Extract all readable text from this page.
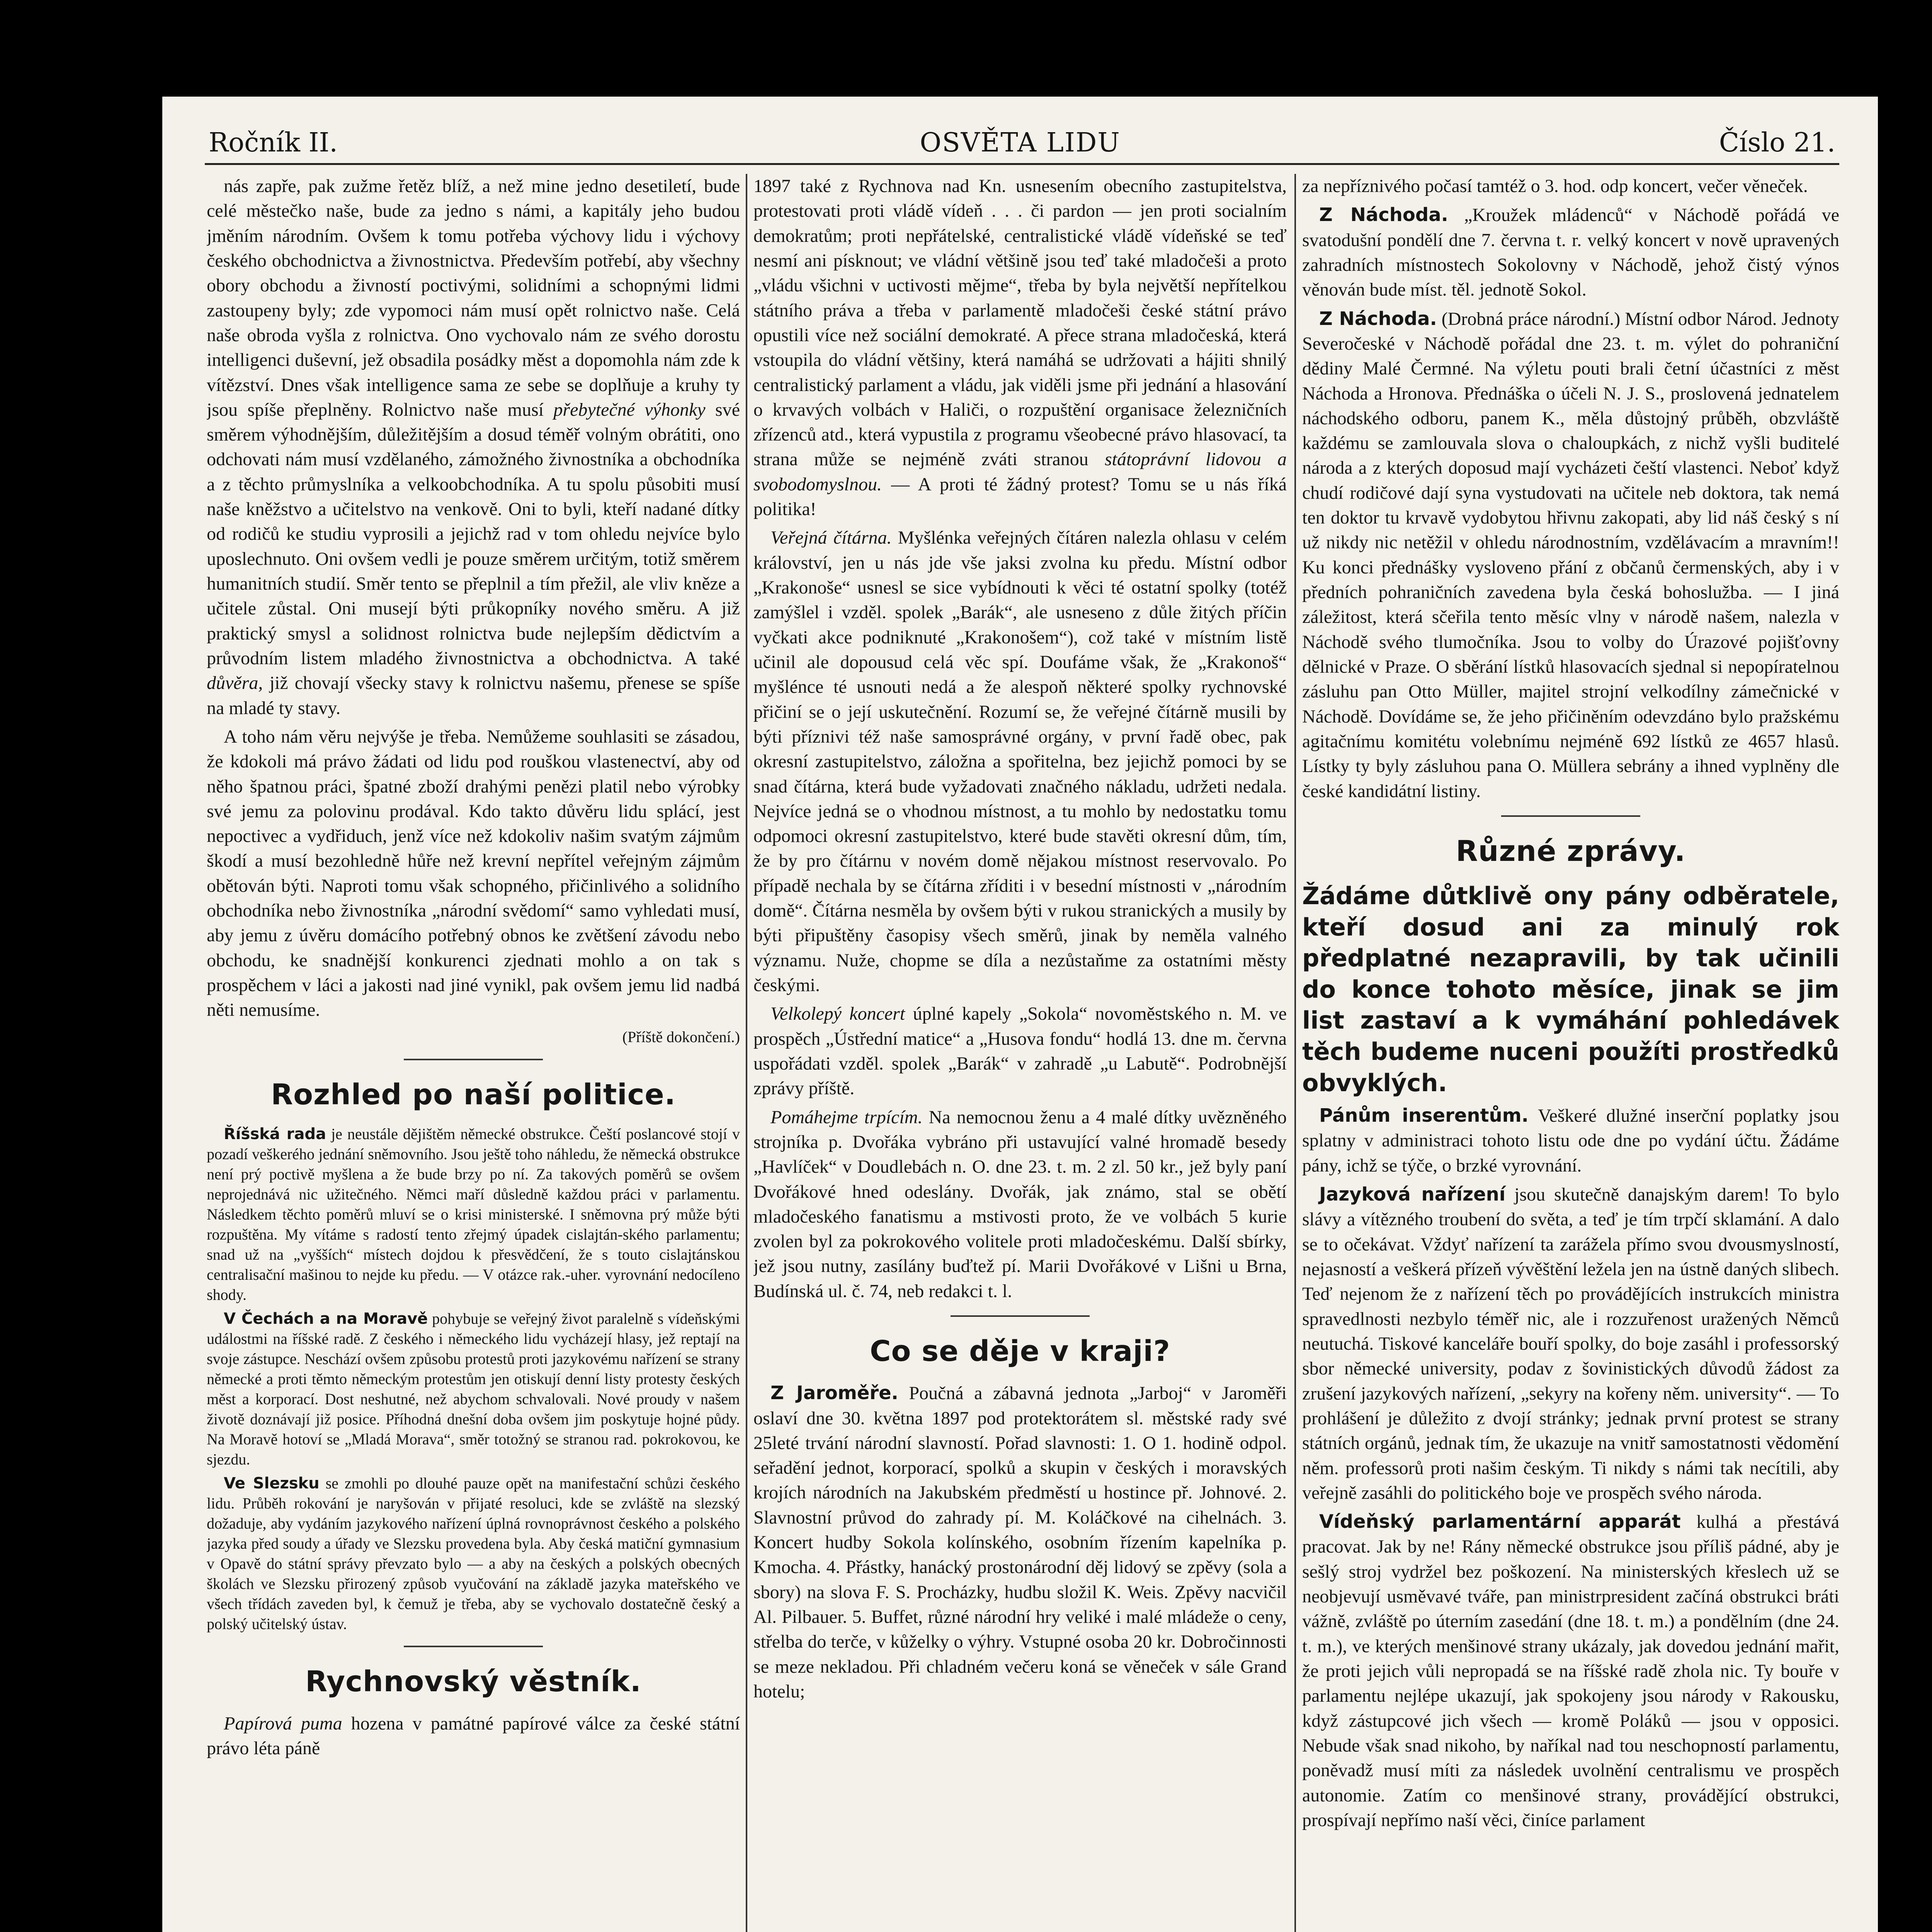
Ročník II.	OSVĚTA LIDU	Číslo 21.

nás zapře, pak zužme řetěz blíž, a než mine jedno desetiletí, bude celé městečko naše, bude za jedno s námi, a kapitály jeho budou jměním národním. Ovšem k tomu potřeba výchovy lidu i výchovy českého obchodnictva a živnostnictva. Především potřebí, aby všechny obory obchodu a živností poctivými, solidními a schopnými lidmi zastoupeny byly; zde vypomoci nám musí opět rolnictvo naše. Celá naše obroda vyšla z rolnictva. Ono vychovalo nám ze svého dorostu intelligenci duševní, jež obsadila posádky měst a dopomohla nám zde k vítězství. Dnes však intelligence sama ze sebe se doplňuje a kruhy ty jsou spíše přeplněny. Rolnictvo naše musí přebytečné výhonky své směrem výhodnějším, důležitějším a dosud téměř volným obrátiti, ono odchovati nám musí vzdělaného, zámožného živnostníka a obchodníka a z těchto průmyslníka a velkoobchodníka. A tu spolu působiti musí naše kněžstvo a učitelstvo na venkově. Oni to byli, kteří nadané dítky od rodičů ke studiu vyprosili a jejichž rad v tom ohledu nejvíce bylo uposlechnuto. Oni ovšem vedli je pouze směrem určitým, totiž směrem humanitních studií. Směr tento se přeplnil a tím přežil, ale vliv kněze a učitele zůstal. Oni musejí býti průkopníky nového směru. A již praktický smysl a solidnost rolnictva bude nejlepším dědictvím a průvodním listem mladého živnostnictva a obchodnictva. A také důvěra, již chovají všecky stavy k rolnictvu našemu, přenese se spíše na mladé ty stavy.

A toho nám věru nejvýše je třeba. Nemůžeme souhlasiti se zásadou, že kdokoli má právo žádati od lidu pod rouškou vlastenectví, aby od něho špatnou práci, špatné zboží drahými penězi platil nebo výrobky své jemu za polovinu prodával. Kdo takto důvěru lidu splácí, jest nepoctivec a vydřiduch, jenž více než kdokoliv našim svatým zájmům škodí a musí bezohledně hůře než krevní nepřítel veřejným zájmům obětován býti. Naproti tomu však schopného, přičinlivého a solidního obchodníka nebo živnostníka „národní svědomí“ samo vyhledati musí, aby jemu z úvěru domácího potřebný obnos ke zvětšení závodu nebo obchodu, ke snadnější konkurenci zjednati mohlo a on tak s prospěchem v láci a jakosti nad jiné vynikl, pak ovšem jemu lid nadbá něti nemusíme.

(Příště dokončení.)
Rozhled po naší politice.

Říšská rada je neustále dějištěm německé obstrukce. Čeští poslancové stojí v pozadí veškerého jednání sněmovního. Jsou ještě toho náhledu, že německá obstrukce není prý poctivě myšlena a že bude brzy po ní. Za takových poměrů se ovšem neprojednává nic užitečného. Němci maří důsledně každou práci v parlamentu. Následkem těchto poměrů mluví se o krisi ministerské. I sněmovna prý může býti rozpuštěna. My vítáme s radostí tento zřejmý úpadek cislajtán-ského parlamentu; snad už na „vyšších“ místech dojdou k přesvědčení, že s touto cislajtánskou centralisační mašinou to nejde ku předu. — V otázce rak.-uher. vyrovnání nedocíleno shody.

V Čechách a na Moravě pohybuje se veřejný život paralelně s vídeňskými událostmi na říšské radě. Z českého i německého lidu vycházejí hlasy, jež reptají na svoje zástupce. Neschází ovšem způsobu protestů proti jazykovému nařízení se strany německé a proti těmto německým protestům jen otiskují denní listy protesty českých měst a korporací. Dost neshutné, než abychom schvalovali. Nové proudy v našem životě doznávají již posice. Příhodná dnešní doba ovšem jim poskytuje hojné půdy. Na Moravě hotoví se „Mladá Morava“, směr totožný se stranou rad. pokrokovou, ke sjezdu.

Ve Slezsku se zmohli po dlouhé pauze opět na manifestační schůzi českého lidu. Průběh rokování je naryšován v přijaté resoluci, kde se zvláště na slezský dožaduje, aby vydáním jazykového nařízení úplná rovnoprávnost českého a polského jazyka před soudy a úřady ve Slezsku provedena byla. Aby česká matiční gymnasium v Opavě do státní správy převzato bylo — a aby na českých a polských obecných školách ve Slezsku přirozený způsob vyučování na základě jazyka mateřského ve všech třídách zaveden byl, k čemuž je třeba, aby se vychovalo dostatečně český a polský učitelský ústav.

Rychnovský věstník.

Papírová puma hozena v památné papírové válce za české státní právo léta páně

1897 také z Rychnova nad Kn. usnesením obecního zastupitelstva, protestovati proti vládě vídeň . . . či pardon — jen proti socialním demokratům; proti nepřátelské, centralistické vládě vídeňské se teď nesmí ani písknout; ve vládní většině jsou teď také mladočeši a proto „vládu všichni v uctivosti mějme“, třeba by byla největší nepřítelkou státního práva a třeba v parlamentě mladočeši české státní právo opustili více než sociální demokraté. A přece strana mladočeská, která vstoupila do vládní většiny, která namáhá se udržovati a hájiti shnilý centralistický parlament a vládu, jak viděli jsme při jednání a hlasování o krvavých volbách v Haliči, o rozpuštění organisace železničních zřízenců atd., která vypustila z programu všeobecné právo hlasovací, ta strana může se nejméně zváti stranou státoprávní lidovou a svobodomyslnou. — A proti té žádný protest? Tomu se u nás říká politika!

Veřejná čítárna. Myšlénka veřejných čítáren nalezla ohlasu v celém království, jen u nás jde vše jaksi zvolna ku předu. Místní odbor „Krakonoše“ usnesl se sice vybídnouti k věci té ostatní spolky (totéž zamýšlel i vzděl. spolek „Barák“, ale usneseno z důle žitých příčin vyčkati akce podniknuté „Krakonošem“), což také v místním listě učinil ale dopousud celá věc spí. Doufáme však, že „Krakonoš“ myšlénce té usnouti nedá a že alespoň některé spolky rychnovské přičiní se o její uskutečnění. Rozumí se, že veřejné čítárně musili by býti příznivi též naše samosprávné orgány, v první řadě obec, pak okresní zastupitelstvo, záložna a spořitelna, bez jejichž pomoci by se snad čítárna, která bude vyžadovati značného nákladu, udržeti nedala. Nejvíce jedná se o vhodnou místnost, a tu mohlo by nedostatku tomu odpomoci okresní zastupitelstvo, které bude stavěti okresní dům, tím, že by pro čítárnu v novém domě nějakou místnost reservovalo. Po případě nechala by se čítárna zříditi i v besední místnosti v „národním domě“. Čítárna nesměla by ovšem býti v rukou stranických a musily by býti připuštěny časopisy všech směrů, jinak by neměla valného významu. Nuže, chopme se díla a nezůstaňme za ostatními městy českými.

Velkolepý koncert úplné kapely „Sokola“ novoměstského n. M. ve prospěch „Ústřední matice“ a „Husova fondu“ hodlá 13. dne m. června uspořádati vzděl. spolek „Barák“ v zahradě „u Labutě“. Podrobnější zprávy příště.

Pomáhejme trpícím. Na nemocnou ženu a 4 malé dítky uvězněného strojníka p. Dvořáka vybráno při ustavující valné hromadě besedy „Havlíček“ v Doudlebách n. O. dne 23. t. m. 2 zl. 50 kr., jež byly paní Dvořákové hned odeslány. Dvořák, jak známo, stal se obětí mladočeského fanatismu a mstivosti proto, že ve volbách 5 kurie zvolen byl za pokrokového volitele proti mladočeskému. Další sbírky, jež jsou nutny, zasílány buďtež pí. Marii Dvořákové v Lišni u Brna, Budínská ul. č. 74, neb redakci t. l.

Co se děje v kraji?

Z Jaroměře. Poučná a zábavná jednota „Jarboj“ v Jaroměři oslaví dne 30. května 1897 pod protektorátem sl. městské rady své 25leté trvání národní slavností. Pořad slavnosti: 1. O 1. hodině odpol. seřadění jednot, korporací, spolků a skupin v českých i moravských krojích národních na Jakubském předměstí u hostince př. Johnové. 2. Slavnostní průvod do zahrady pí. M. Koláčkové na cihelnách. 3. Koncert hudby Sokola kolínského, osobním řízením kapelníka p. Kmocha. 4. Přástky, hanácký prostonárodní děj lidový se zpěvy (sola a sbory) na slova F. S. Procházky, hudbu složil K. Weis. Zpěvy nacvičil Al. Pilbauer. 5. Buffet, různé národní hry veliké i malé mládeže o ceny, střelba do terče, v kůželky o výhry. Vstupné osoba 20 kr. Dobročinnosti se meze nekladou. Při chladném večeru koná se věneček v sále Grand hotelu;

za nepříznivého počasí tamtéž o 3. hod. odp koncert, večer věneček.

Z Náchoda. „Kroužek mládenců“ v Náchodě pořádá ve svatodušní pondělí dne 7. června t. r. velký koncert v nově upravených zahradních místnostech Sokolovny v Náchodě, jehož čistý výnos věnován bude míst. těl. jednotě Sokol.

Z Náchoda. (Drobná práce národní.) Místní odbor Národ. Jednoty Severočeské v Náchodě pořádal dne 23. t. m. výlet do pohraniční dědiny Malé Čermné. Na výletu pouti brali četní účastníci z měst Náchoda a Hronova. Přednáška o účeli N. J. S., proslovená jednatelem náchodského odboru, panem K., měla důstojný průběh, obzvláště každému se zamlouvala slova o chaloupkách, z nichž vyšli buditelé národa a z kterých doposud mají vycházeti čeští vlastenci. Neboť když chudí rodičové dají syna vystudovati na učitele neb doktora, tak nemá ten doktor tu krvavě vydobytou hřivnu zakopati, aby lid náš český s ní už nikdy nic netěžil v ohledu národnostním, vzdělávacím a mravním!! Ku konci přednášky vysloveno přání z občanů čermenských, aby i v předních pohraničních zavedena byla česká bohoslužba. — I jiná záležitost, která sčeřila tento měsíc vlny v národě našem, nalezla v Náchodě svého tlumočníka. Jsou to volby do Úrazové pojišťovny dělnické v Praze. O sběrání lístků hlasovacích sjednal si nepopíratelnou zásluhu pan Otto Müller, majitel strojní velkodílny zámečnické v Náchodě. Dovídáme se, že jeho přičiněním odevzdáno bylo pražskému agitačnímu komitétu volebnímu nejméně 692 lístků ze 4657 hlasů. Lístky ty byly zásluhou pana O. Müllera sebrány a ihned vyplněny dle české kandidátní listiny.

Různé zprávy.
Žádáme důtklivě ony pány odběratele, kteří dosud ani za minulý rok předplatné nezapravili, by tak učinili do konce tohoto měsíce, jinak se jim list zastaví a k vymáhání pohledávek těch budeme nuceni použíti prostředků obvyklých.

Pánům inserentům. Veškeré dlužné inserční poplatky jsou splatny v administraci tohoto listu ode dne po vydání účtu. Žádáme pány, ichž se týče, o brzké vyrovnání.

Jazyková nařízení jsou skutečně danajským darem! To bylo slávy a vítězného troubení do světa, a teď je tím trpčí sklamání. A dalo se to očekávat. Vždyť nařízení ta zarážela přímo svou dvousmyslností, nejasností a veškerá přízeň vývěštění ležela jen na ústně daných slibech. Teď nejenom že z nařízení těch po provádějících instrukcích ministra spravedlnosti nezbylo téměř nic, ale i rozzuřenost uražených Němců neutuchá. Tiskové kanceláře bouří spolky, do boje zasáhl i professorský sbor německé university, podav z šovinistických důvodů žádost za zrušení jazykových nařízení, „sekyry na kořeny něm. university“. — To prohlášení je důležito z dvojí stránky; jednak první protest se strany státních orgánů, jednak tím, že ukazuje na vnitř samostatnosti vědomění něm. professorů proti našim českým. Ti nikdy s námi tak necítili, aby veřejně zasáhli do politického boje ve prospěch svého národa.

Vídeňský parlamentární apparát kulhá a přestává pracovat. Jak by ne! Rány německé obstrukce jsou příliš pádné, aby je sešlý stroj vydržel bez poškození. Na ministerských křeslech už se neobjevují usměvavé tváře, pan ministrpresident začíná obstrukci bráti vážně, zvláště po úterním zasedání (dne 18. t. m.) a pondělním (dne 24. t. m.), ve kterých menšinové strany ukázaly, jak dovedou jednání mařit, že proti jejich vůli nepropadá se na říšské radě zhola nic. Ty bouře v parlamentu nejlépe ukazují, jak spokojeny jsou národy v Rakousku, když zástupcové jich všech — kromě Poláků — jsou v opposici. Nebude však snad nikoho, by naříkal nad tou neschopností parlamentu, poněvadž musí míti za následek uvolnění centralismu ve prospěch autonomie. Zatím co menšinové strany, provádějící obstrukci, prospívají nepřímo naší věci, činíce parlament
